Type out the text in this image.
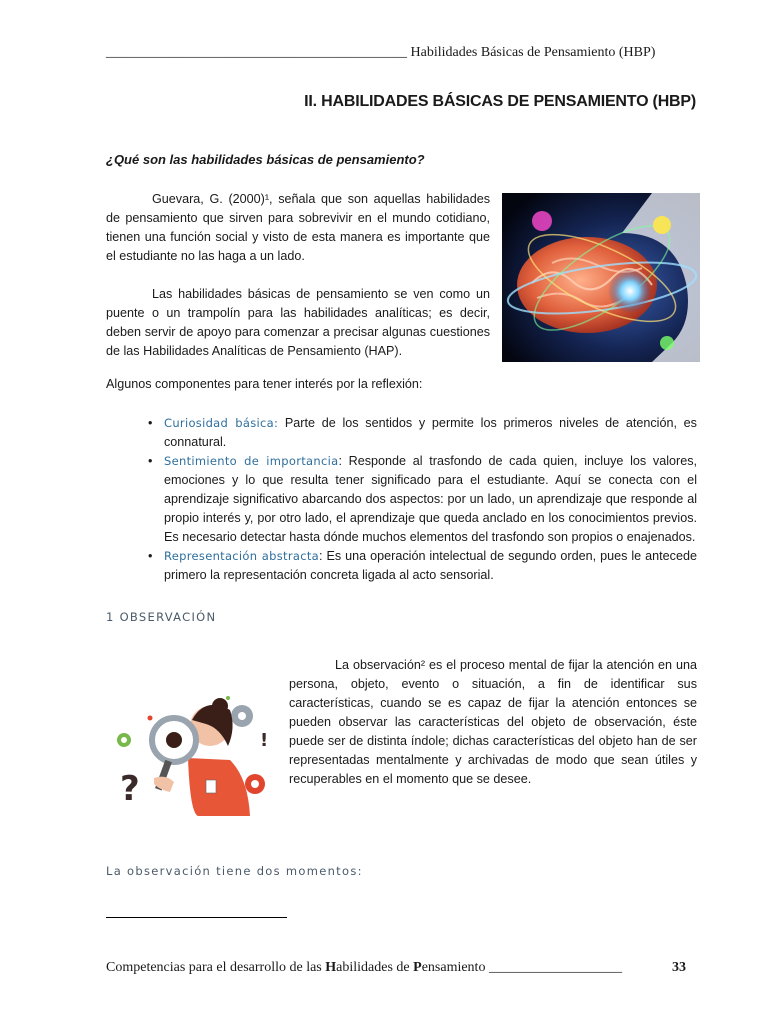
___________________________________________ Habilidades Básicas de Pensamiento (HBP)
II. HABILIDADES BÁSICAS DE PENSAMIENTO (HBP)
¿Qué son las habilidades básicas de pensamiento?
Guevara, G. (2000)¹, señala que son aquellas habilidades de pensamiento que sirven para sobrevivir en el mundo cotidiano, tienen una función social y visto de esta manera es importante que el estudiante no las haga a un lado.
Las habilidades básicas de pensamiento se ven como un puente o un trampolín para las habilidades analíticas; es decir, deben servir de apoyo para comenzar a precisar algunas cuestiones de las Habilidades Analíticas de Pensamiento (HAP).
Algunos componentes para tener interés por la reflexión:
• Curiosidad básica: Parte de los sentidos y permite los primeros niveles de atención, es connatural.
• Sentimiento de importancia: Responde al trasfondo de cada quien, incluye los valores, emociones y lo que resulta tener significado para el estudiante. Aquí se conecta con el aprendizaje significativo abarcando dos aspectos: por un lado, un aprendizaje que responde al propio interés y, por otro lado, el aprendizaje que queda anclado en los conocimientos previos. Es necesario detectar hasta dónde muchos elementos del trasfondo son propios o enajenados.
• Representación abstracta: Es una operación intelectual de segundo orden, pues le antecede primero la representación concreta ligada al acto sensorial.
1 OBSERVACIÓN
?
!
La observación² es el proceso mental de fijar la atención en una persona, objeto, evento o situación, a fin de identificar sus características, cuando se es capaz de fijar la atención entonces se pueden observar las características del objeto de observación, éste puede ser de distinta índole; dichas características del objeto han de ser representadas mentalmente y archivadas de modo que sean útiles y recuperables en el momento que se desee.
La observación tiene dos momentos:
Competencias para el desarrollo de las Habilidades de Pensamiento ___________________	33
